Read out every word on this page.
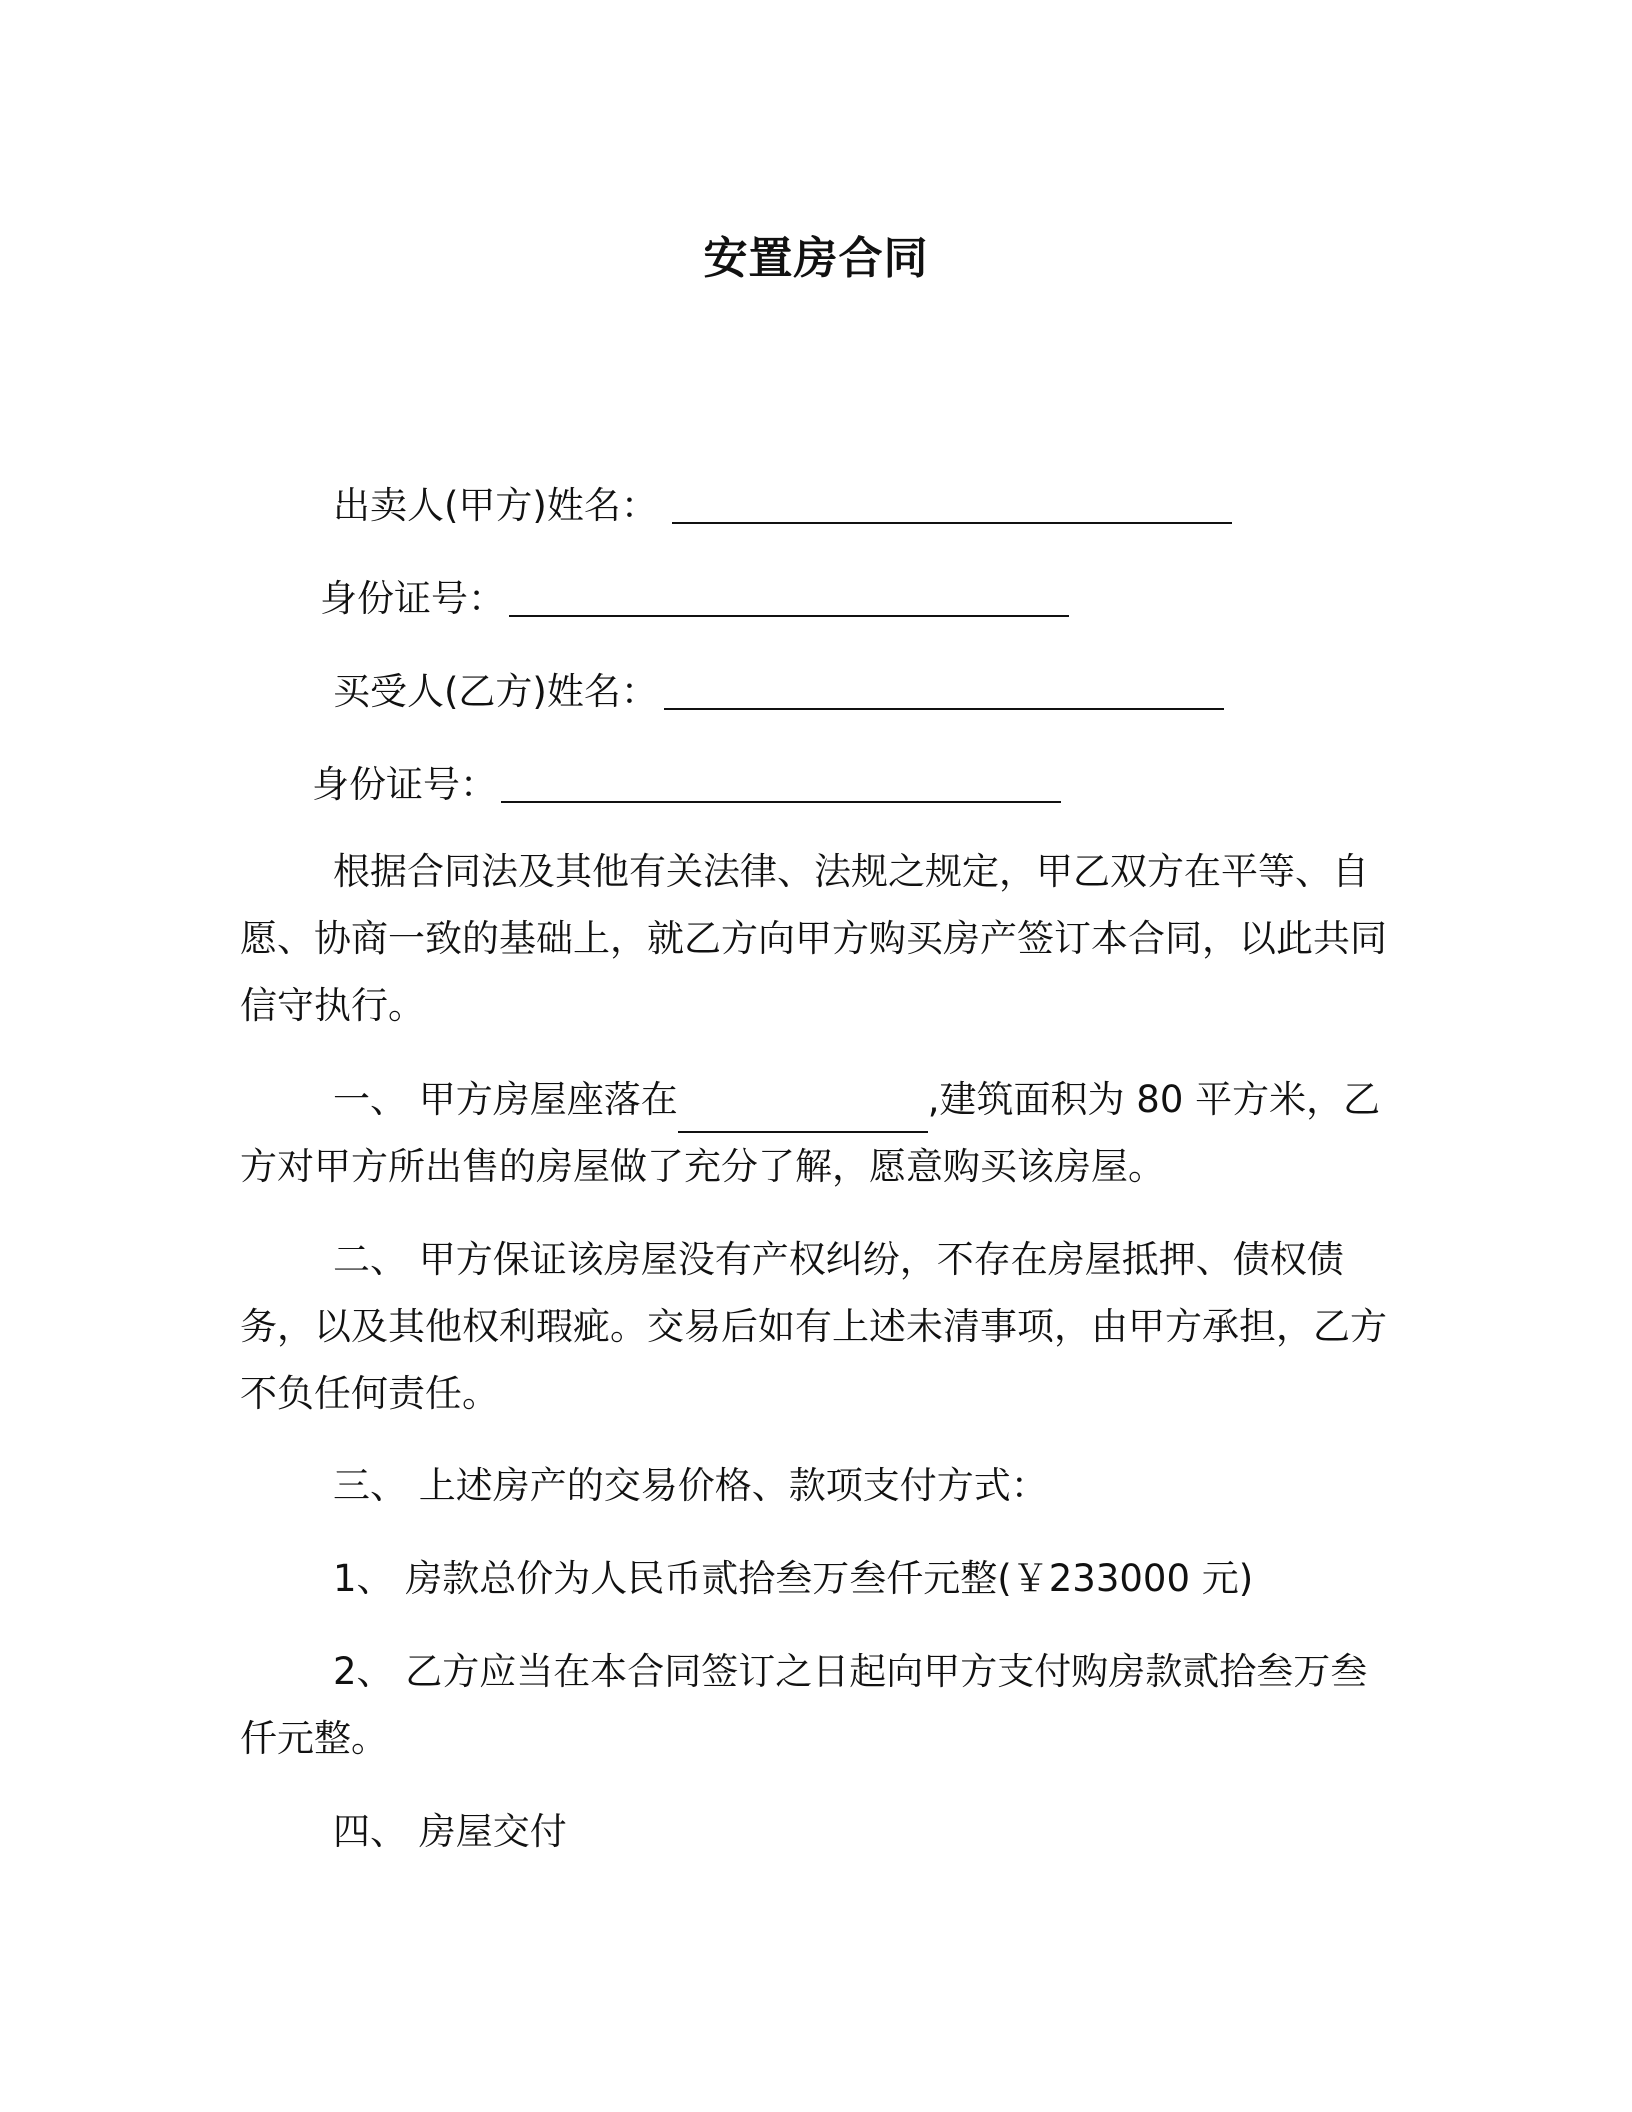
安置房合同
出卖人(甲方)姓名：
身份证号：
买受人(乙方)姓名：
身份证号：

根据合同法及其他有关法律、法规之规定，甲乙双方在平等、自愿、协商一致的基础上，就乙方向甲方购买房产签订本合同，以此共同信守执行。

一、 甲方房屋座落在	,建筑面积为 80 平方米，乙方对甲方所出售的房屋做了充分了解，愿意购买该房屋。

二、 甲方保证该房屋没有产权纠纷，不存在房屋抵押、债权债务，以及其他权利瑕疵。交易后如有上述未清事项，由甲方承担，乙方不负任何责任。

三、 上述房产的交易价格、款项支付方式：

1、 房款总价为人民币贰拾叁万叁仟元整(￥233000 元)

2、 乙方应当在本合同签订之日起向甲方支付购房款贰拾叁万叁仟元整。

四、 房屋交付
